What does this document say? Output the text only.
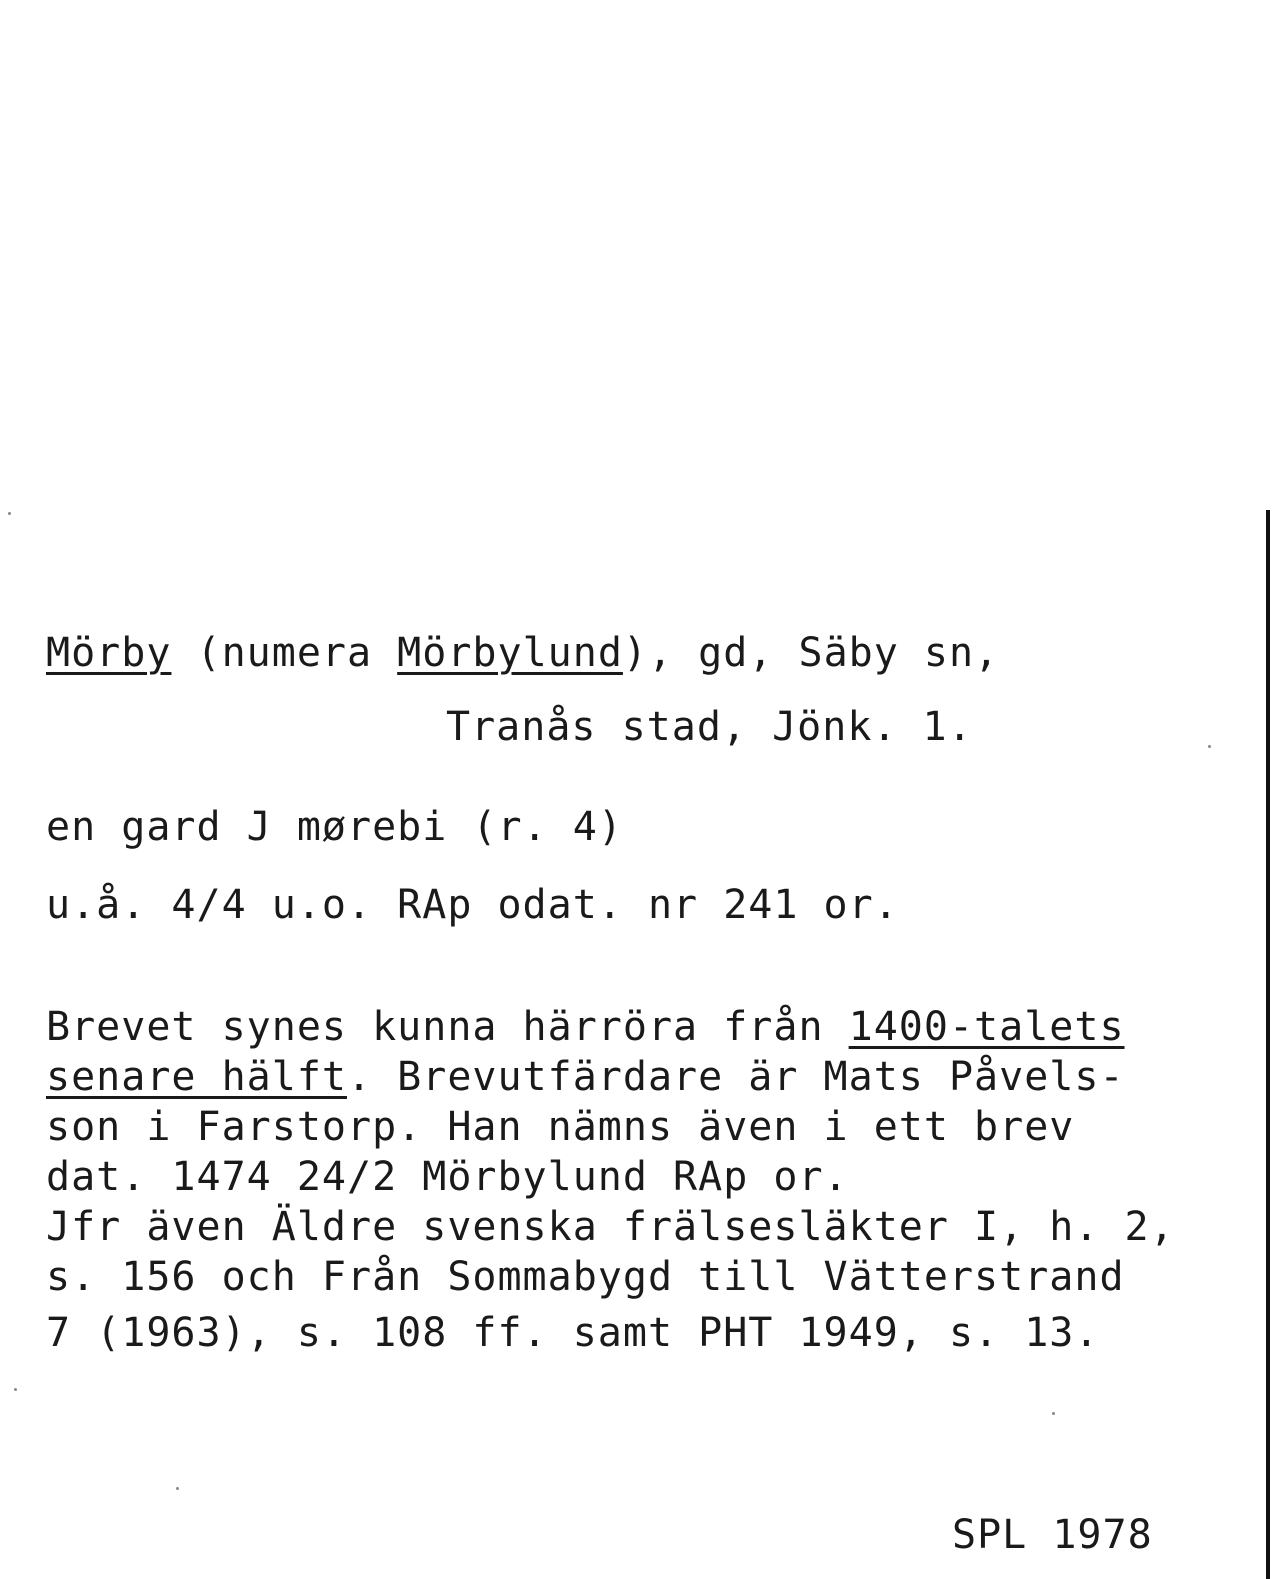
Mörby (numera Mörbylund), gd, Säby sn,
Tranås stad, Jönk. 1.
en gard J mørebi (r. 4)
u.å. 4/4 u.o. RAp odat. nr 241 or.
Brevet synes kunna härröra från 1400-talets
senare hälft. Brevutfärdare är Mats Påvels-
son i Farstorp. Han nämns även i ett brev
dat. 1474 24/2 Mörbylund RAp or.
Jfr även Äldre svenska frälsesläkter I, h. 2,
s. 156 och Från Sommabygd till Vätterstrand
7 (1963), s. 108 ff. samt PHT 1949, s. 13.
SPL 1978
